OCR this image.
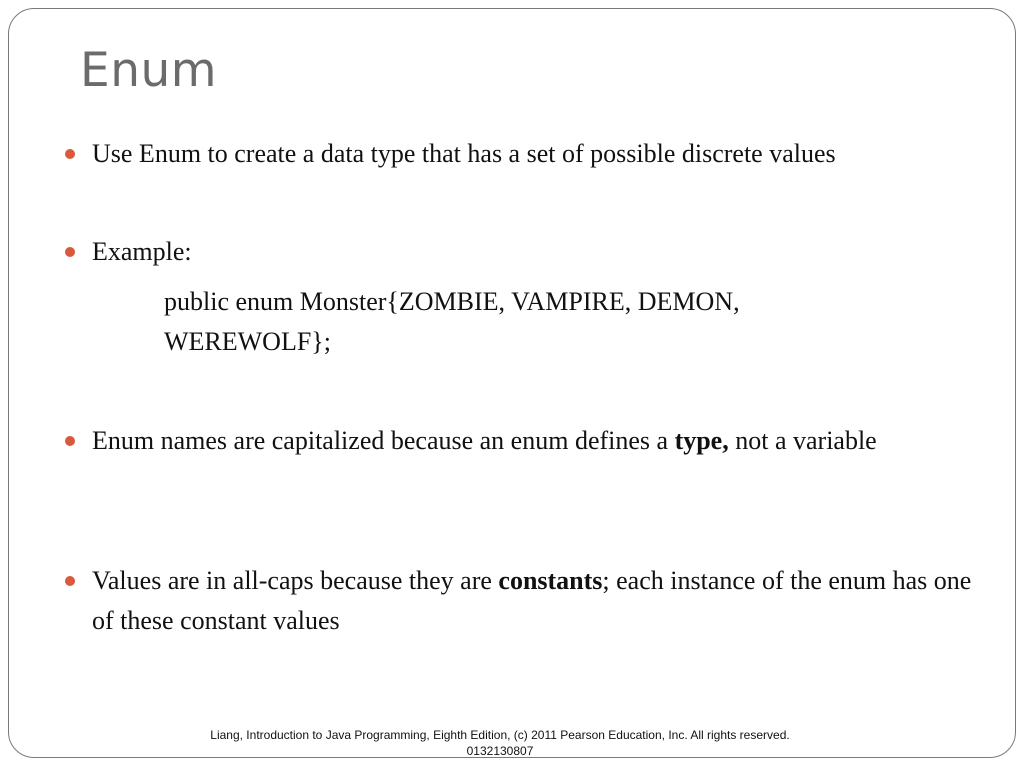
Enum
Use Enum to create a data type that has a set of possible discrete values
Example:
public enum Monster{ZOMBIE, VAMPIRE, DEMON,
WEREWOLF};
Enum names are capitalized because an enum defines a type, not a variable
Values are in all-caps because they are constants; each instance of the enum has one of these constant values
Liang, Introduction to Java Programming, Eighth Edition, (c) 2011 Pearson Education, Inc. All rights reserved. 0132130807
